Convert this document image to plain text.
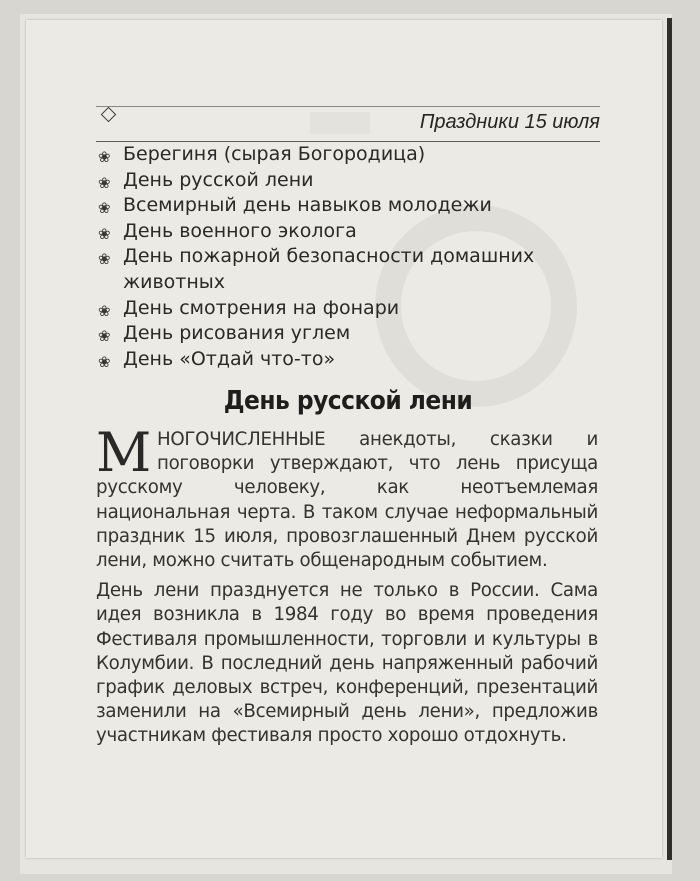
Праздники 15 июля
❀ Берегиня (сырая Богородица)
❀ День русской лени
❀ Всемирный день навыков молодежи
❀ День военного эколога
❀ День пожарной безопасности домашних животных
❀ День смотрения на фонари
❀ День рисования углем
❀ День «Отдай что-то»
День русской лени

МНОГОЧИСЛЕННЫЕ анекдоты, сказки и поговорки утверждают, что лень присуща русскому человеку, как неотъемлемая национальная черта. В таком случае неформальный праздник 15 июля, провозглашенный Днем русской лени, можно считать общенародным событием.

День лени празднуется не только в России. Сама идея возникла в 1984 году во время проведения Фестиваля промышленности, торговли и культуры в Колумбии. В последний день напряженный рабочий график деловых встреч, конференций, презентаций заменили на «Всемирный день лени», предложив участникам фестиваля просто хорошо отдохнуть.
